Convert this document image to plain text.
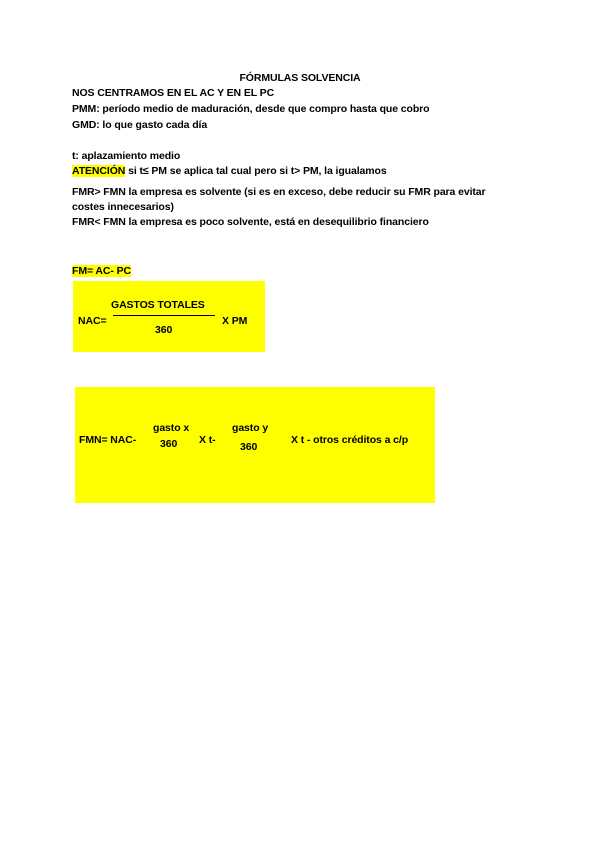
FÓRMULAS SOLVENCIA
NOS CENTRAMOS EN EL AC Y EN EL PC
PMM: período medio de maduración, desde que compro hasta que cobro
GMD: lo que gasto cada día
t: aplazamiento medio
ATENCIÓN si t≤ PM se aplica tal cual pero si t> PM, la igualamos
FMR> FMN la empresa es solvente (si es en exceso, debe reducir su FMR para evitar
costes innecesarios)
FMR< FMN la empresa es poco solvente, está en desequilibrio financiero
FM= AC- PC
NAC=
GASTOS TOTALES
360
X PM
FMN= NAC-
gasto x
360 X t-
gasto y
360
X t - otros créditos a c/p
